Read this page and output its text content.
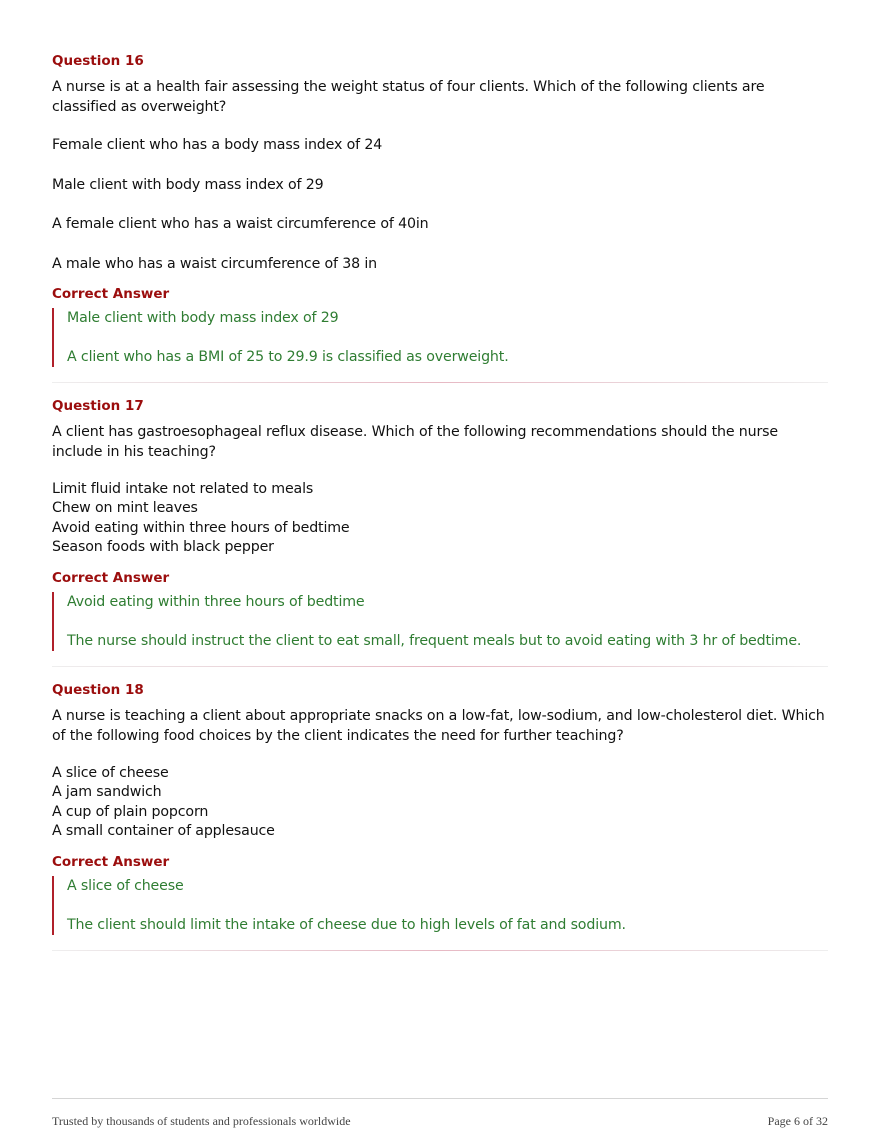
Question 16
A nurse is at a health fair assessing the weight status of four clients. Which of the following clients are classified as overweight?
Female client who has a body mass index of 24
Male client with body mass index of 29
A female client who has a waist circumference of 40in
A male who has a waist circumference of 38 in
Correct Answer
Male client with body mass index of 29
A client who has a BMI of 25 to 29.9 is classified as overweight.
Question 17
A client has gastroesophageal reflux disease. Which of the following recommendations should the nurse include in his teaching?
Limit fluid intake not related to meals
Chew on mint leaves
Avoid eating within three hours of bedtime
Season foods with black pepper
Correct Answer
Avoid eating within three hours of bedtime
The nurse should instruct the client to eat small, frequent meals but to avoid eating with 3 hr of bedtime.
Question 18
A nurse is teaching a client about appropriate snacks on a low-fat, low-sodium, and low-cholesterol diet. Which of the following food choices by the client indicates the need for further teaching?
A slice of cheese
A jam sandwich
A cup of plain popcorn
A small container of applesauce
Correct Answer
A slice of cheese
The client should limit the intake of cheese due to high levels of fat and sodium.
Trusted by thousands of students and professionals worldwide	Page 6 of 32
